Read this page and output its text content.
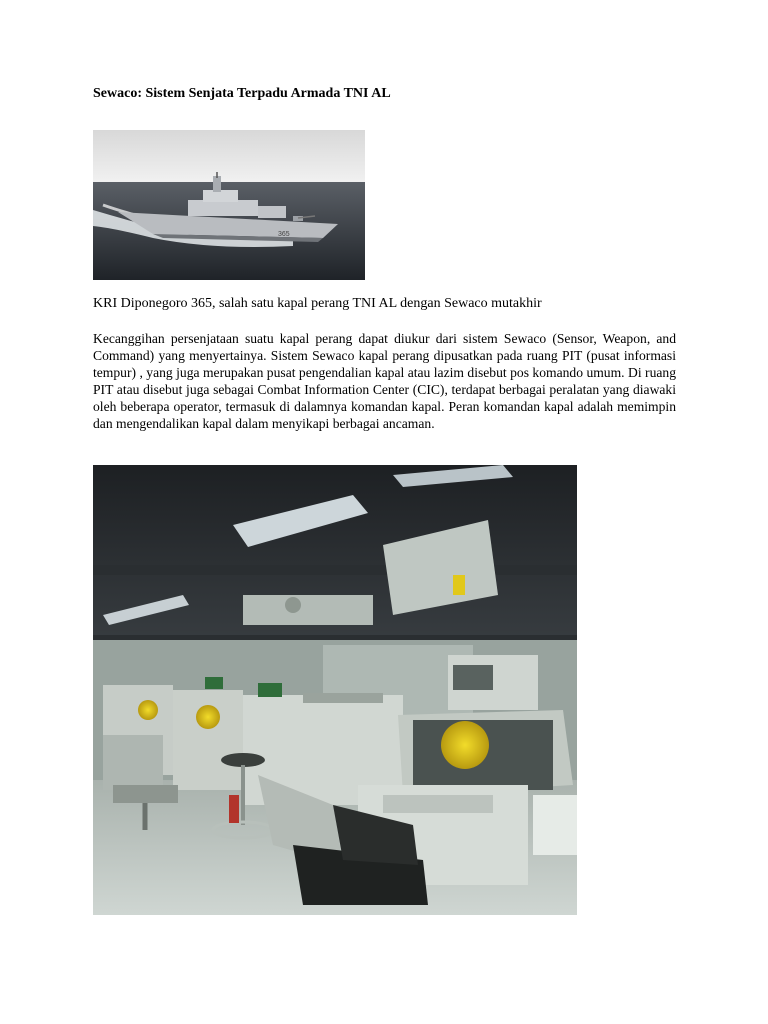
Sewaco: Sistem Senjata Terpadu Armada TNI AL
365

KRI Diponegoro 365, salah satu kapal perang TNI AL dengan Sewaco mutakhir

Kecanggihan persenjataan suatu kapal perang dapat diukur dari sistem Sewaco (Sensor, Weapon, and Command) yang menyertainya. Sistem Sewaco kapal perang dipusatkan pada ruang PIT (pusat informasi tempur) , yang juga merupakan pusat pengendalian kapal atau lazim disebut pos komando umum. Di ruang PIT atau disebut juga sebagai Combat Information Center (CIC), terdapat berbagai peralatan yang diawaki oleh beberapa operator, termasuk di dalamnya komandan kapal. Peran komandan kapal adalah memimpin dan mengendalikan kapal dalam menyikapi berbagai ancaman.
